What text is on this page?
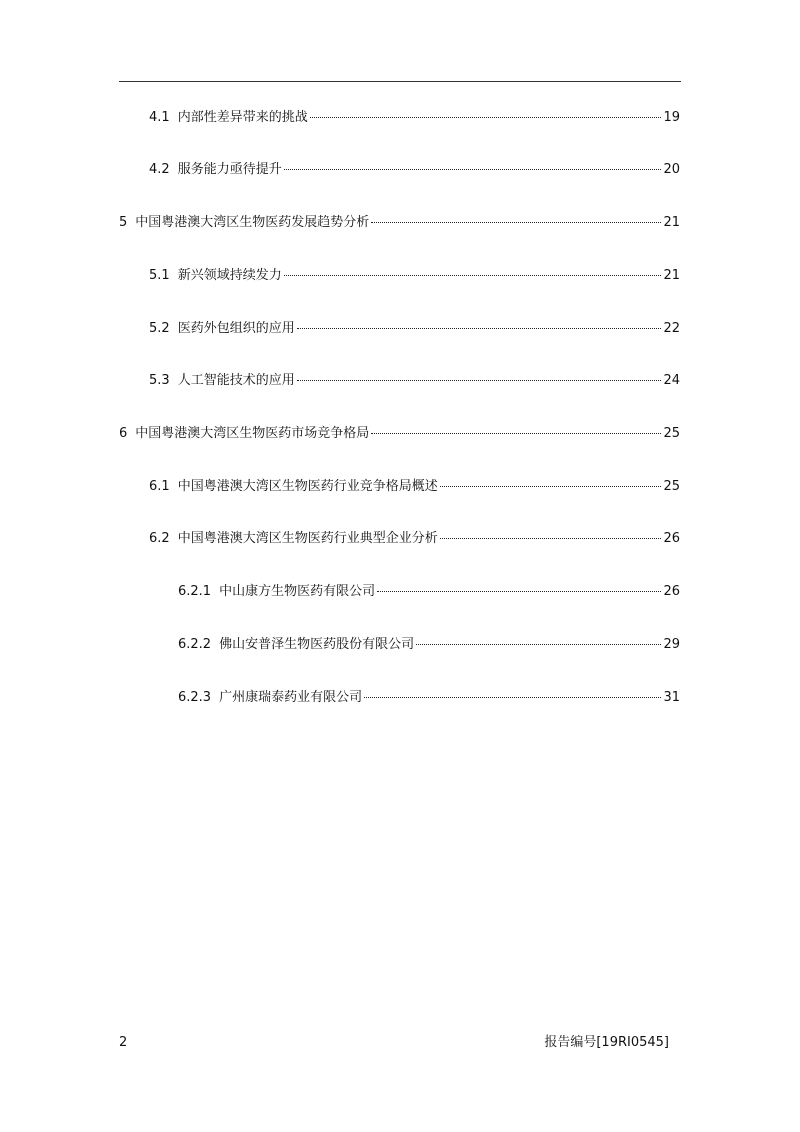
4.1 内部性差异带来的挑战	19
4.2 服务能力亟待提升	20
5 中国粤港澳大湾区生物医药发展趋势分析	21
5.1 新兴领域持续发力	21
5.2 医药外包组织的应用	22
5.3 人工智能技术的应用	24
6 中国粤港澳大湾区生物医药市场竞争格局	25
6.1 中国粤港澳大湾区生物医药行业竞争格局概述	25
6.2 中国粤港澳大湾区生物医药行业典型企业分析	26
6.2.1 中山康方生物医药有限公司	26
6.2.2 佛山安普泽生物医药股份有限公司	29
6.2.3 广州康瑞泰药业有限公司	31
2	报告编号[19RI0545]
